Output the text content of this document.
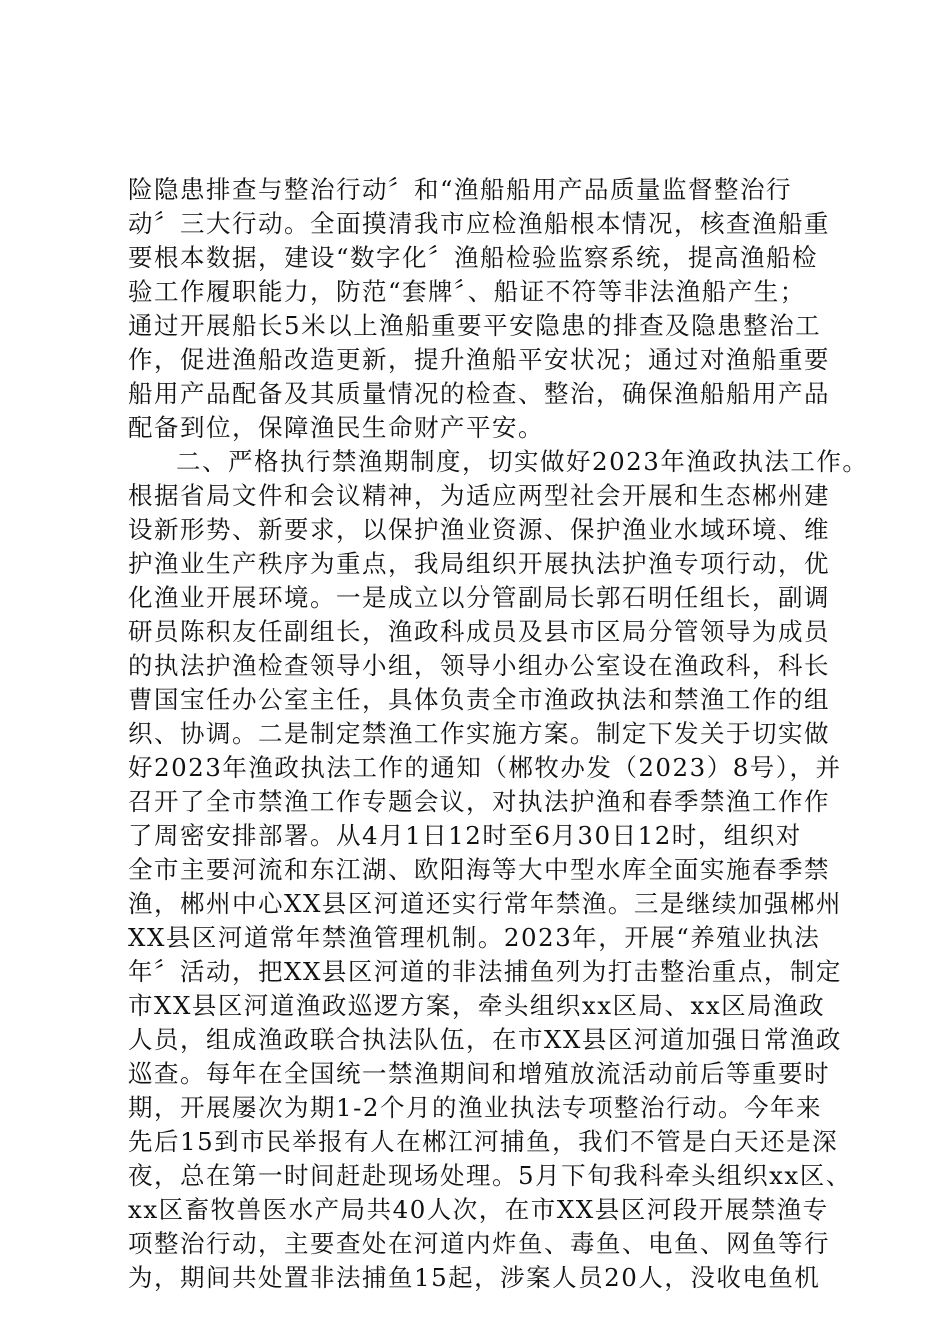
险隐患排查与整治行动〞和“渔船船用产品质量监督整治行
动〞三大行动。全面摸清我市应检渔船根本情况，核查渔船重
要根本数据，建设“数字化〞渔船检验监察系统，提高渔船检
验工作履职能力，防范“套牌〞、船证不符等非法渔船产生；
通过开展船长5米以上渔船重要平安隐患的排查及隐患整治工
作，促进渔船改造更新，提升渔船平安状况；通过对渔船重要
船用产品配备及其质量情况的检查、整治，确保渔船船用产品
配备到位，保障渔民生命财产平安。
二、严格执行禁渔期制度，切实做好2023年渔政执法工作。
根据省局文件和会议精神，为适应两型社会开展和生态郴州建
设新形势、新要求，以保护渔业资源、保护渔业水域环境、维
护渔业生产秩序为重点，我局组织开展执法护渔专项行动，优
化渔业开展环境。一是成立以分管副局长郭石明任组长，副调
研员陈积友任副组长，渔政科成员及县市区局分管领导为成员
的执法护渔检查领导小组，领导小组办公室设在渔政科，科长
曹国宝任办公室主任，具体负责全市渔政执法和禁渔工作的组
织、协调。二是制定禁渔工作实施方案。制定下发关于切实做
好2023年渔政执法工作的通知（郴牧办发（2023）8号），并
召开了全市禁渔工作专题会议，对执法护渔和春季禁渔工作作
了周密安排部署。从4月1日12时至6月30日12时，组织对
全市主要河流和东江湖、欧阳海等大中型水库全面实施春季禁
渔，郴州中心XX县区河道还实行常年禁渔。三是继续加强郴州
XX县区河道常年禁渔管理机制。2023年，开展“养殖业执法
年〞活动，把XX县区河道的非法捕鱼列为打击整治重点，制定
市XX县区河道渔政巡逻方案，牵头组织xx区局、xx区局渔政
人员，组成渔政联合执法队伍，在市XX县区河道加强日常渔政
巡查。每年在全国统一禁渔期间和增殖放流活动前后等重要时
期，开展屡次为期1-2个月的渔业执法专项整治行动。今年来
先后15到市民举报有人在郴江河捕鱼，我们不管是白天还是深
夜，总在第一时间赶赴现场处理。5月下旬我科牵头组织xx区、
xx区畜牧兽医水产局共40人次，在市XX县区河段开展禁渔专
项整治行动，主要查处在河道内炸鱼、毒鱼、电鱼、网鱼等行
为，期间共处置非法捕鱼15起，涉案人员20人，没收电鱼机
